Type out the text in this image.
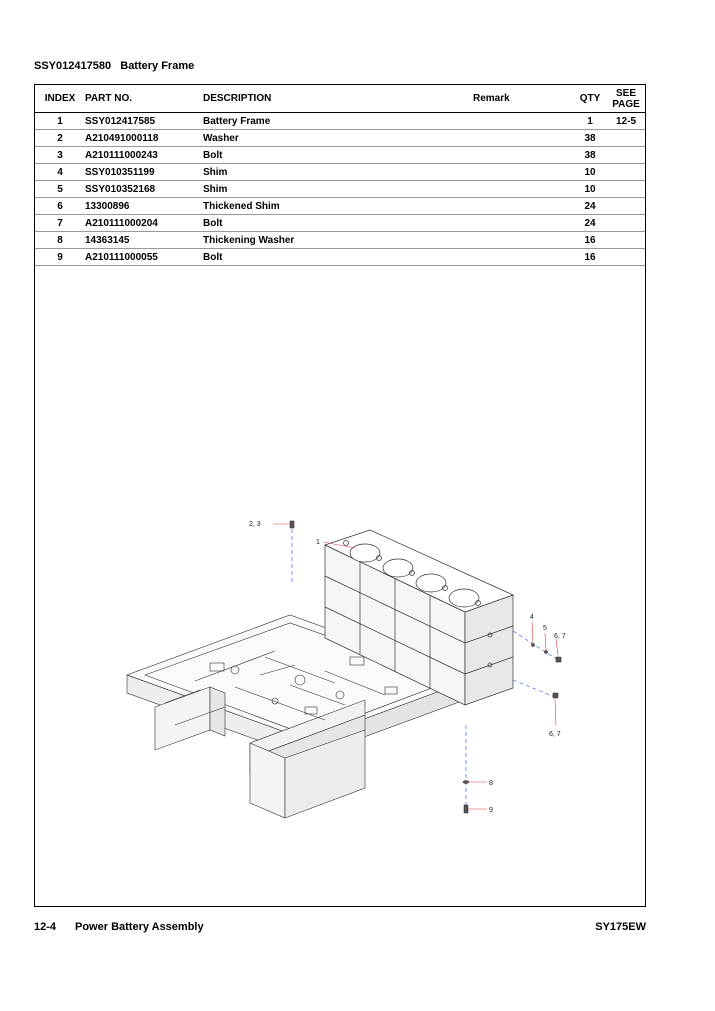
SSY012417580 Battery Frame
INDEX	PART NO.	DESCRIPTION	Remark	QTY	SEE
PAGE
1	SSY012417585	Battery Frame		1	12-5
2	A210491000118	Washer		38	
3	A210111000243	Bolt		38	
4	SSY010351199	Shim		10	
5	SSY010352168	Shim		10	
6	13300896	Thickened Shim		24	
7	A210111000204	Bolt		24	
8	14363145	Thickening Washer		16	
9	A210111000055	Bolt		16	
2, 3
1
4
5
6, 7
6, 7
8
9
12-4 Power Battery Assembly	SY175EW
